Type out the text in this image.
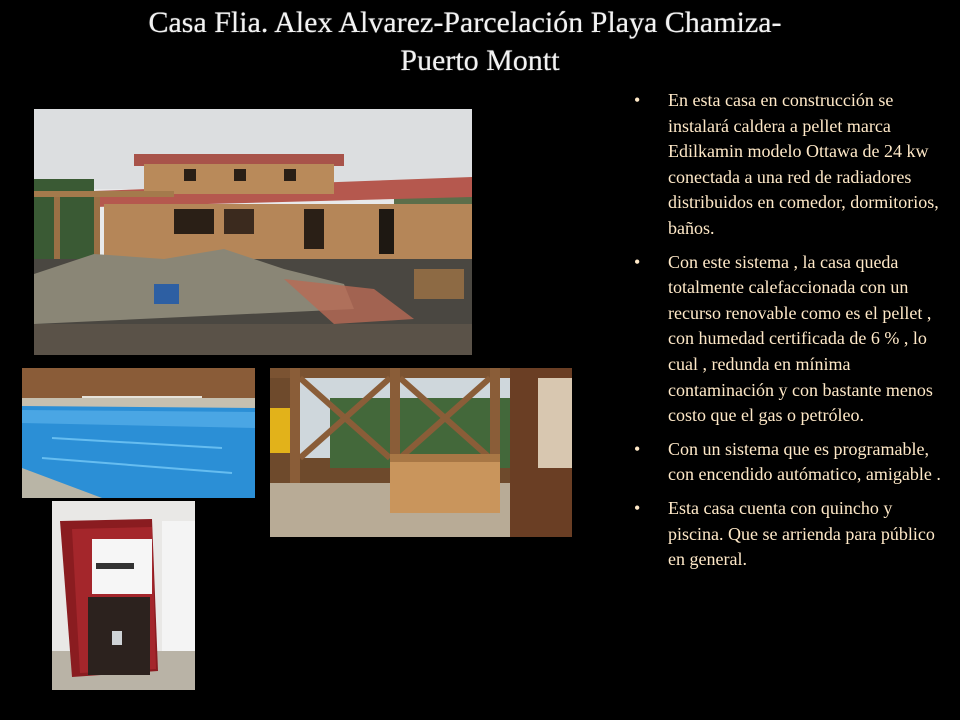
Casa Flia. Alex Alvarez-Parcelación Playa Chamiza-
Puerto Montt
• En esta casa en construcción se instalará caldera a pellet marca Edilkamin modelo Ottawa de 24 kw conectada a una red de radiadores distribuidos en comedor, dormitorios, baños.
• Con este sistema , la casa queda totalmente calefaccionada con un recurso renovable como es el pellet , con humedad certificada de 6 % , lo cual , redunda en mínima contaminación y con bastante menos costo que el gas o petróleo.
• Con un sistema que es programable, con encendido autómatico, amigable .
• Esta casa cuenta con quincho y piscina. Que se arrienda para público en general.
